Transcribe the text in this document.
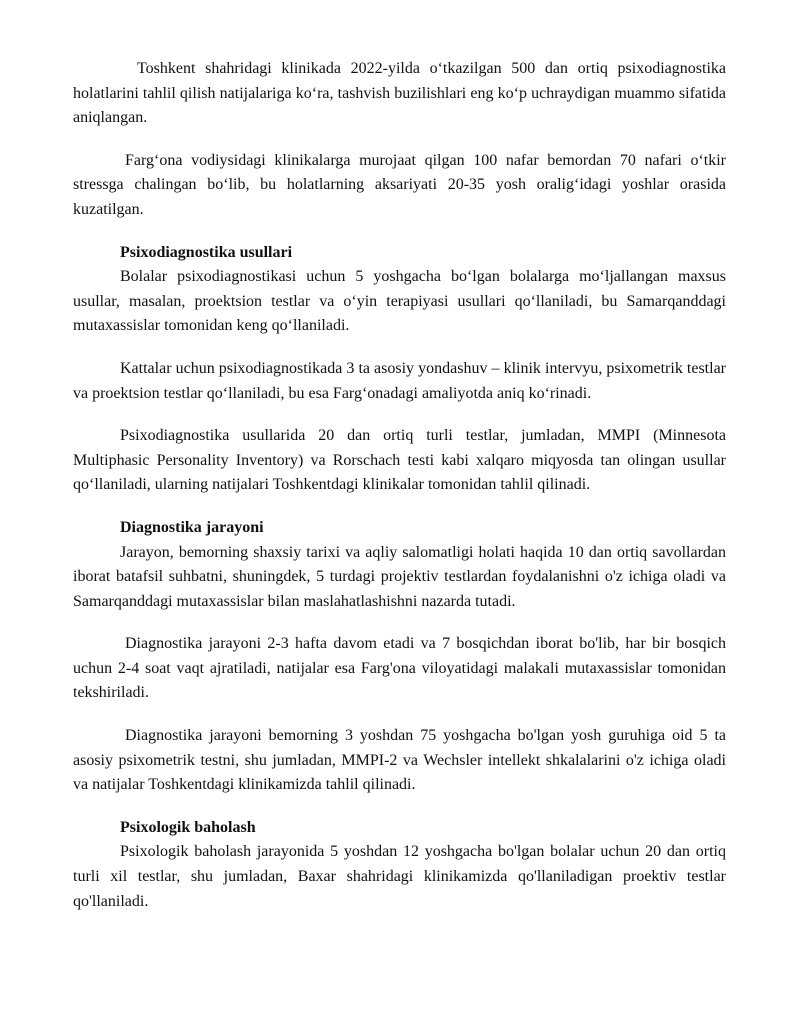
Toshkent shahridagi klinikada 2022-yilda o‘tkazilgan 500 dan ortiq psixodiagnostika holatlarini tahlil qilish natijalariga ko‘ra, tashvish buzilishlari eng ko‘p uchraydigan muammo sifatida aniqlangan.

Farg‘ona vodiysidagi klinikalarga murojaat qilgan 100 nafar bemordan 70 nafari o‘tkir stressga chalingan bo‘lib, bu holatlarning aksariyati 20-35 yosh oralig‘idagi yoshlar orasida kuzatilgan.

Psixodiagnostika usullari

Bolalar psixodiagnostikasi uchun 5 yoshgacha bo‘lgan bolalarga mo‘ljallangan maxsus usullar, masalan, proektsion testlar va o‘yin terapiyasi usullari qo‘llaniladi, bu Samarqanddagi mutaxassislar tomonidan keng qo‘llaniladi.

Kattalar uchun psixodiagnostikada 3 ta asosiy yondashuv – klinik intervyu, psixometrik testlar va proektsion testlar qo‘llaniladi, bu esa Farg‘onadagi amaliyotda aniq ko‘rinadi.

Psixodiagnostika usullarida 20 dan ortiq turli testlar, jumladan, MMPI (Minnesota Multiphasic Personality Inventory) va Rorschach testi kabi xalqaro miqyosda tan olingan usullar qo‘llaniladi, ularning natijalari Toshkentdagi klinikalar tomonidan tahlil qilinadi.

Diagnostika jarayoni

Jarayon, bemorning shaxsiy tarixi va aqliy salomatligi holati haqida 10 dan ortiq savollardan iborat batafsil suhbatni, shuningdek, 5 turdagi projektiv testlardan foydalanishni o'z ichiga oladi va Samarqanddagi mutaxassislar bilan maslahatlashishni nazarda tutadi.

Diagnostika jarayoni 2-3 hafta davom etadi va 7 bosqichdan iborat bo'lib, har bir bosqich uchun 2-4 soat vaqt ajratiladi, natijalar esa Farg'ona viloyatidagi malakali mutaxassislar tomonidan tekshiriladi.

Diagnostika jarayoni bemorning 3 yoshdan 75 yoshgacha bo'lgan yosh guruhiga oid 5 ta asosiy psixometrik testni, shu jumladan, MMPI-2 va Wechsler intellekt shkalalarini o'z ichiga oladi va natijalar Toshkentdagi klinikamizda tahlil qilinadi.

Psixologik baholash

Psixologik baholash jarayonida 5 yoshdan 12 yoshgacha bo'lgan bolalar uchun 20 dan ortiq turli xil testlar, shu jumladan, Baxar shahridagi klinikamizda qo'llaniladigan proektiv testlar qo'llaniladi.
